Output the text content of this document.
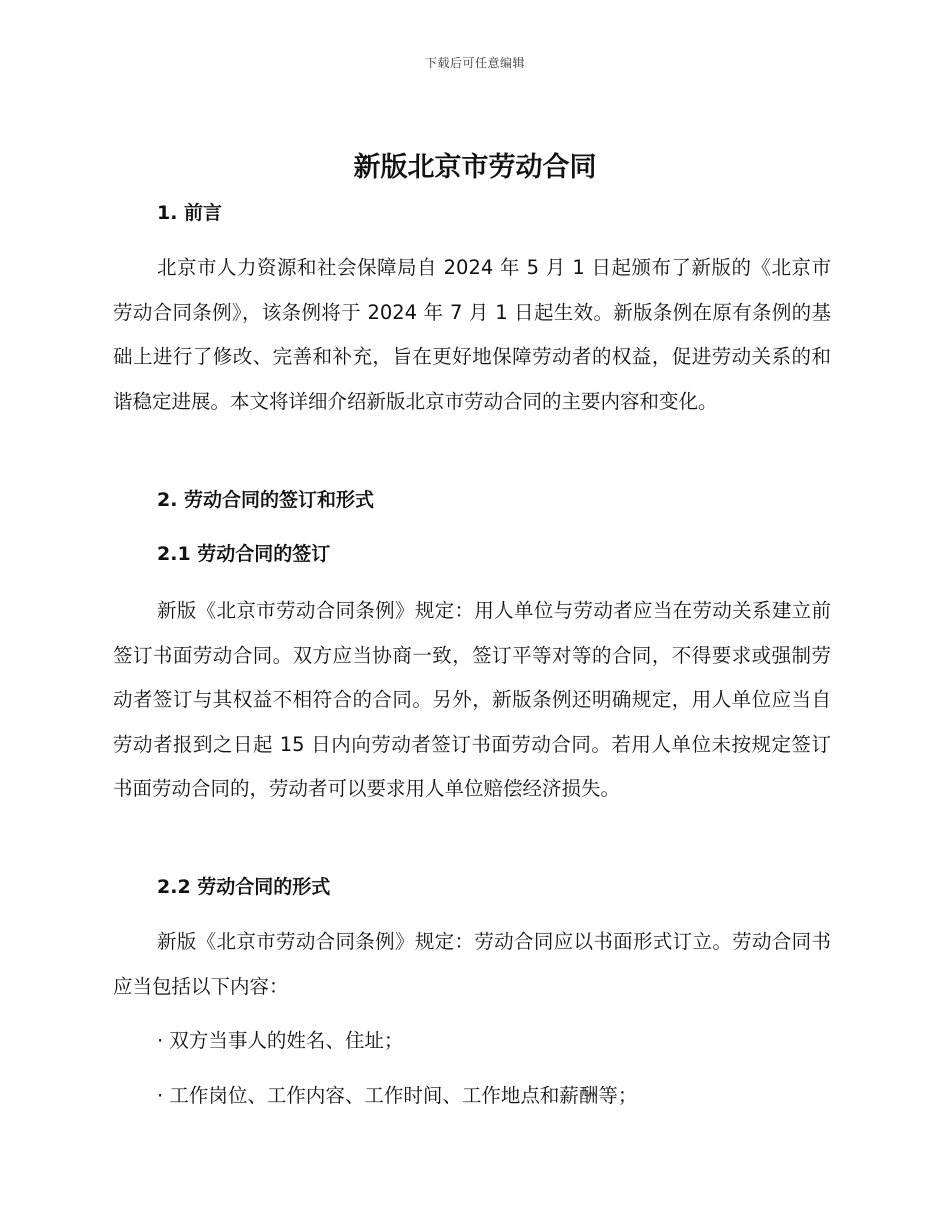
下载后可任意编辑
新版北京市劳动合同
1. 前言

北京市人力资源和社会保障局自 2024 年 5 月 1 日起颁布了新版的《北京市劳动合同条例》，该条例将于 2024 年 7 月 1 日起生效。新版条例在原有条例的基础上进行了修改、完善和补充，旨在更好地保障劳动者的权益，促进劳动关系的和谐稳定进展。本文将详细介绍新版北京市劳动合同的主要内容和变化。

2. 劳动合同的签订和形式
2.1 劳动合同的签订

新版《北京市劳动合同条例》规定：用人单位与劳动者应当在劳动关系建立前签订书面劳动合同。双方应当协商一致，签订平等对等的合同，不得要求或强制劳动者签订与其权益不相符合的合同。另外，新版条例还明确规定，用人单位应当自劳动者报到之日起 15 日内向劳动者签订书面劳动合同。若用人单位未按规定签订书面劳动合同的，劳动者可以要求用人单位赔偿经济损失。

2.2 劳动合同的形式

新版《北京市劳动合同条例》规定：劳动合同应以书面形式订立。劳动合同书应当包括以下内容：

· 双方当事人的姓名、住址；

· 工作岗位、工作内容、工作时间、工作地点和薪酬等；
